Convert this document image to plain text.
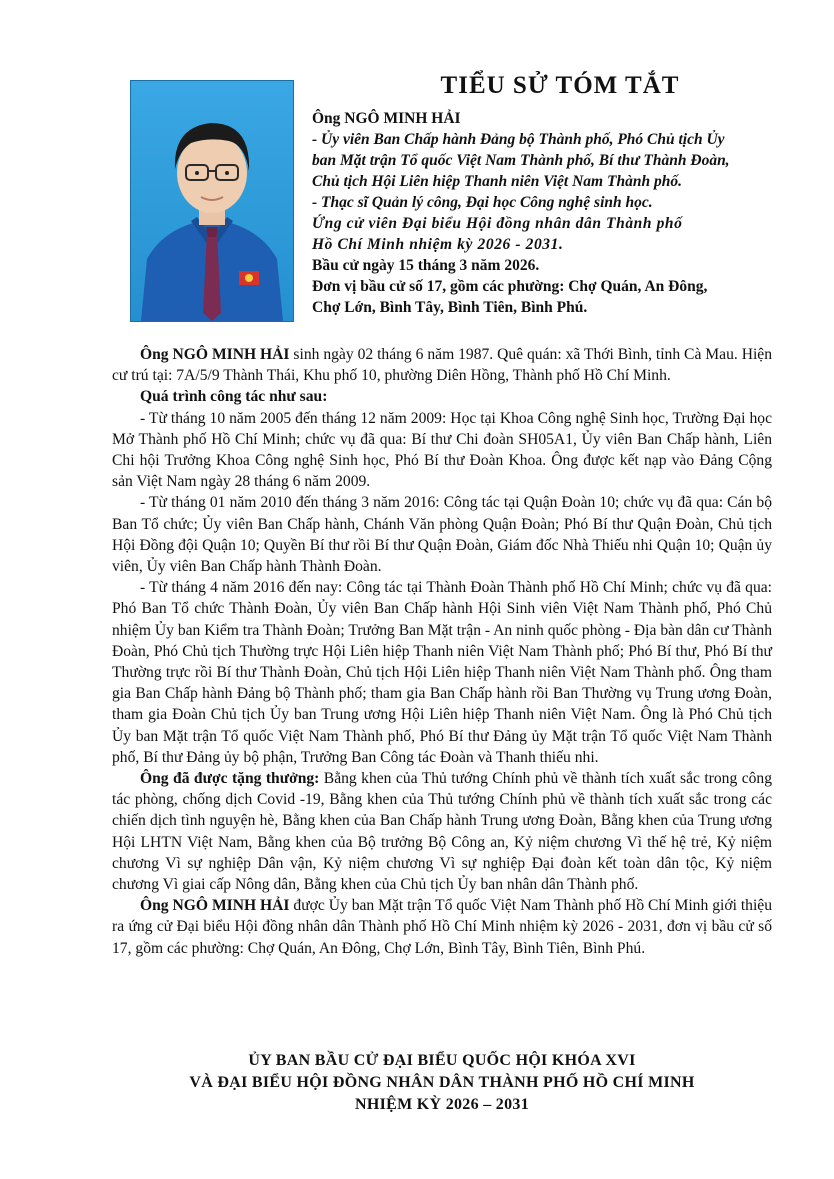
TIỂU SỬ TÓM TẮT
Ông NGÔ MINH HẢI
- Ủy viên Ban Chấp hành Đảng bộ Thành phố, Phó Chủ tịch Ủy
ban Mặt trận Tổ quốc Việt Nam Thành phố, Bí thư Thành Đoàn,
Chủ tịch Hội Liên hiệp Thanh niên Việt Nam Thành phố.
- Thạc sĩ Quản lý công, Đại học Công nghệ sinh học.
Ứng cử viên Đại biểu Hội đồng nhân dân Thành phố
Hồ Chí Minh nhiệm kỳ 2026 - 2031.
Bầu cử ngày 15 tháng 3 năm 2026.
Đơn vị bầu cử số 17, gồm các phường: Chợ Quán, An Đông,
Chợ Lớn, Bình Tây, Bình Tiên, Bình Phú.

Ông NGÔ MINH HẢI sinh ngày 02 tháng 6 năm 1987. Quê quán: xã Thới Bình, tỉnh Cà Mau. Hiện cư trú tại: 7A/5/9 Thành Thái, Khu phố 10, phường Diên Hồng, Thành phố Hồ Chí Minh.

Quá trình công tác như sau:

- Từ tháng 10 năm 2005 đến tháng 12 năm 2009: Học tại Khoa Công nghệ Sinh học, Trường Đại học Mở Thành phố Hồ Chí Minh; chức vụ đã qua: Bí thư Chi đoàn SH05A1, Ủy viên Ban Chấp hành, Liên Chi hội Trưởng Khoa Công nghệ Sinh học, Phó Bí thư Đoàn Khoa. Ông được kết nạp vào Đảng Cộng sản Việt Nam ngày 28 tháng 6 năm 2009.

- Từ tháng 01 năm 2010 đến tháng 3 năm 2016: Công tác tại Quận Đoàn 10; chức vụ đã qua: Cán bộ Ban Tổ chức; Ủy viên Ban Chấp hành, Chánh Văn phòng Quận Đoàn; Phó Bí thư Quận Đoàn, Chủ tịch Hội Đồng đội Quận 10; Quyền Bí thư rồi Bí thư Quận Đoàn, Giám đốc Nhà Thiếu nhi Quận 10; Quận ủy viên, Ủy viên Ban Chấp hành Thành Đoàn.

- Từ tháng 4 năm 2016 đến nay: Công tác tại Thành Đoàn Thành phố Hồ Chí Minh; chức vụ đã qua: Phó Ban Tổ chức Thành Đoàn, Ủy viên Ban Chấp hành Hội Sinh viên Việt Nam Thành phố, Phó Chủ nhiệm Ủy ban Kiểm tra Thành Đoàn; Trưởng Ban Mặt trận - An ninh quốc phòng - Địa bàn dân cư Thành Đoàn, Phó Chủ tịch Thường trực Hội Liên hiệp Thanh niên Việt Nam Thành phố; Phó Bí thư, Phó Bí thư Thường trực rồi Bí thư Thành Đoàn, Chủ tịch Hội Liên hiệp Thanh niên Việt Nam Thành phố. Ông tham gia Ban Chấp hành Đảng bộ Thành phố; tham gia Ban Chấp hành rồi Ban Thường vụ Trung ương Đoàn, tham gia Đoàn Chủ tịch Ủy ban Trung ương Hội Liên hiệp Thanh niên Việt Nam. Ông là Phó Chủ tịch Ủy ban Mặt trận Tổ quốc Việt Nam Thành phố, Phó Bí thư Đảng ủy Mặt trận Tổ quốc Việt Nam Thành phố, Bí thư Đảng ủy bộ phận, Trưởng Ban Công tác Đoàn và Thanh thiếu nhi.

Ông đã được tặng thưởng: Bằng khen của Thủ tướng Chính phủ về thành tích xuất sắc trong công tác phòng, chống dịch Covid -19, Bằng khen của Thủ tướng Chính phủ về thành tích xuất sắc trong các chiến dịch tình nguyện hè, Bằng khen của Ban Chấp hành Trung ương Đoàn, Bằng khen của Trung ương Hội LHTN Việt Nam, Bằng khen của Bộ trưởng Bộ Công an, Kỷ niệm chương Vì thế hệ trẻ, Kỷ niệm chương Vì sự nghiệp Dân vận, Kỷ niệm chương Vì sự nghiệp Đại đoàn kết toàn dân tộc, Kỷ niệm chương Vì giai cấp Nông dân, Bằng khen của Chủ tịch Ủy ban nhân dân Thành phố.

Ông NGÔ MINH HẢI được Ủy ban Mặt trận Tổ quốc Việt Nam Thành phố Hồ Chí Minh giới thiệu ra ứng cử Đại biểu Hội đồng nhân dân Thành phố Hồ Chí Minh nhiệm kỳ 2026 - 2031, đơn vị bầu cử số 17, gồm các phường: Chợ Quán, An Đông, Chợ Lớn, Bình Tây, Bình Tiên, Bình Phú.

ỦY BAN BẦU CỬ ĐẠI BIỂU QUỐC HỘI KHÓA XVI
VÀ ĐẠI BIỂU HỘI ĐỒNG NHÂN DÂN THÀNH PHỐ HỒ CHÍ MINH
NHIỆM KỲ 2026 – 2031
